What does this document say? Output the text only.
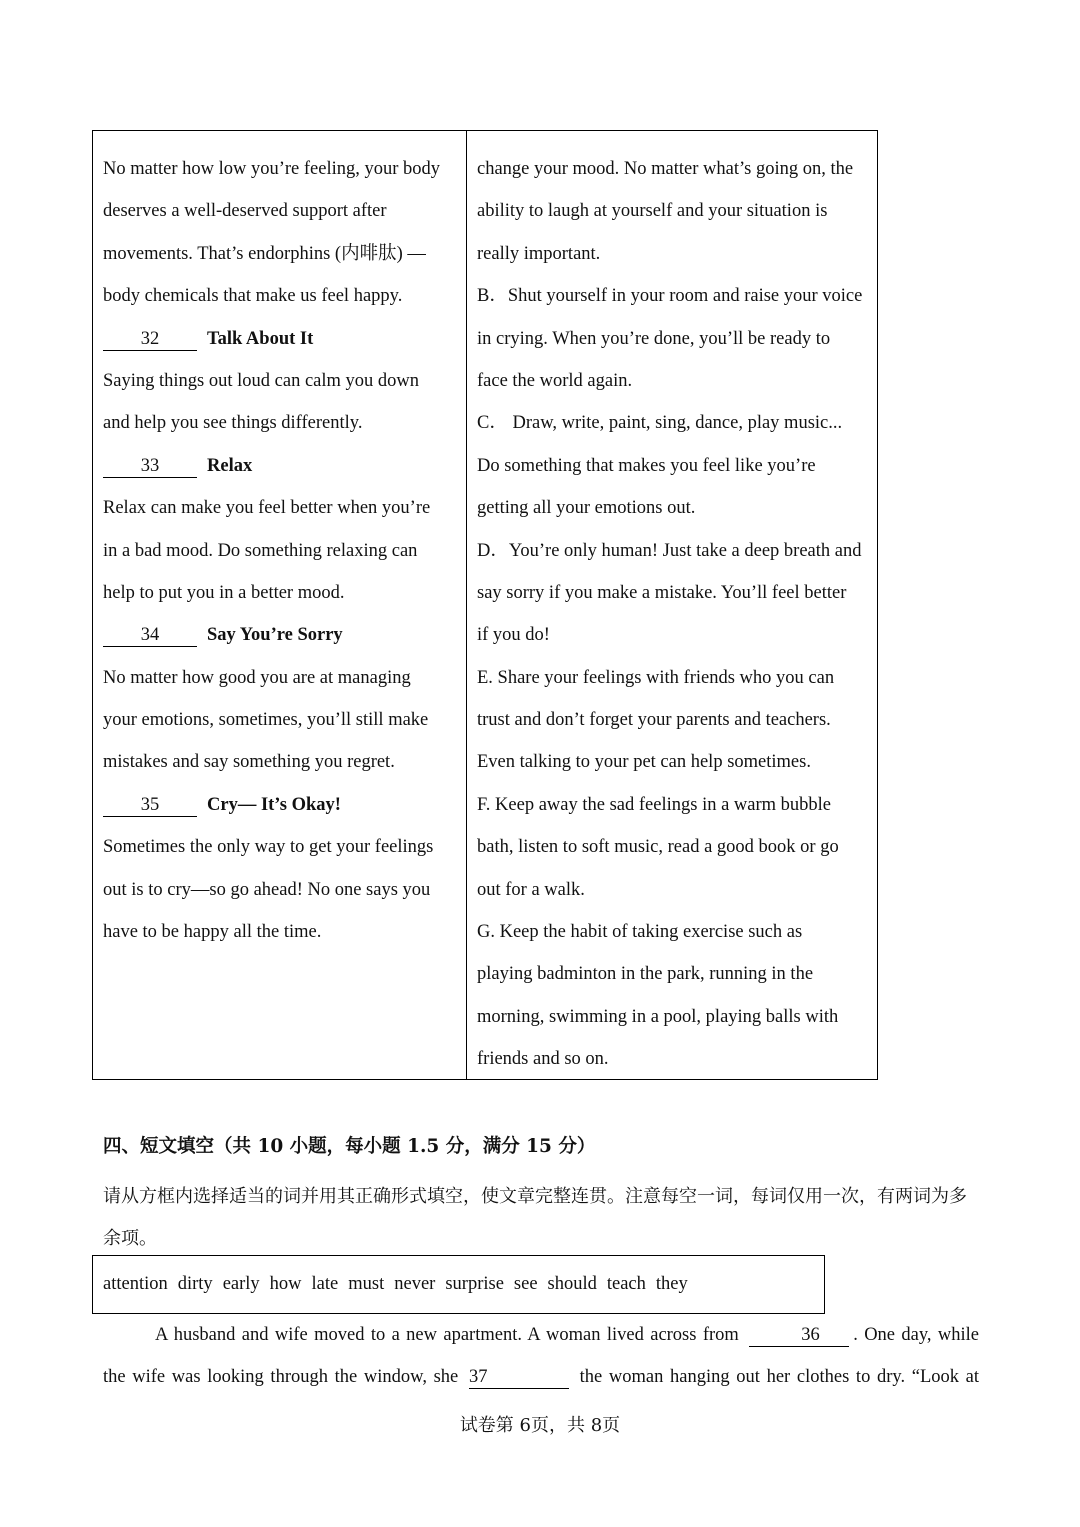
No matter how low you’re feeling, your body
deserves a well-deserved support after
movements. That’s endorphins (内啡肽) —
body chemicals that make us feel happy.
32	Talk About It
Saying things out loud can calm you down
and help you see things differently.
33	Relax
Relax can make you feel better when you’re
in a bad mood. Do something relaxing can
help to put you in a better mood.
34	Say You’re Sorry
No matter how good you are at managing
your emotions, sometimes, you’ll still make
mistakes and say something you regret.
35	Cry— It’s Okay!
Sometimes the only way to get your feelings
out is to cry—so go ahead! No one says you
have to be happy all the time.
change your mood. No matter what’s going on, the
ability to laugh at yourself and your situation is
really important.
B．Shut yourself in your room and raise your voice
in crying. When you’re done, you’ll be ready to
face the world again.
C． Draw, write, paint, sing, dance, play music...
Do something that makes you feel like you’re
getting all your emotions out.
D．You’re only human! Just take a deep breath and
say sorry if you make a mistake. You’ll feel better
if you do!
E. Share your feelings with friends who you can
trust and don’t forget your parents and teachers.
Even talking to your pet can help sometimes.
F. Keep away the sad feelings in a warm bubble
bath, listen to soft music, read a good book or go
out for a walk.
G. Keep the habit of taking exercise such as
playing badminton in the park, running in the
morning, swimming in a pool, playing balls with
friends and so on.
四、短文填空（共 10 小题，每小题 1.5 分，满分 15 分）
请从方框内选择适当的词并用其正确形式填空，使文章完整连贯。注意每空一词，每词仅用一次，有两词为多余项。
attention dirty early how late must never surprise see should teach they
A husband and wife moved to a new apartment. A woman lived across from	36 . One day, while
the wife was looking through the window, she 37	the woman hanging out her clothes to dry. “Look at
试卷第 6页，共 8页
